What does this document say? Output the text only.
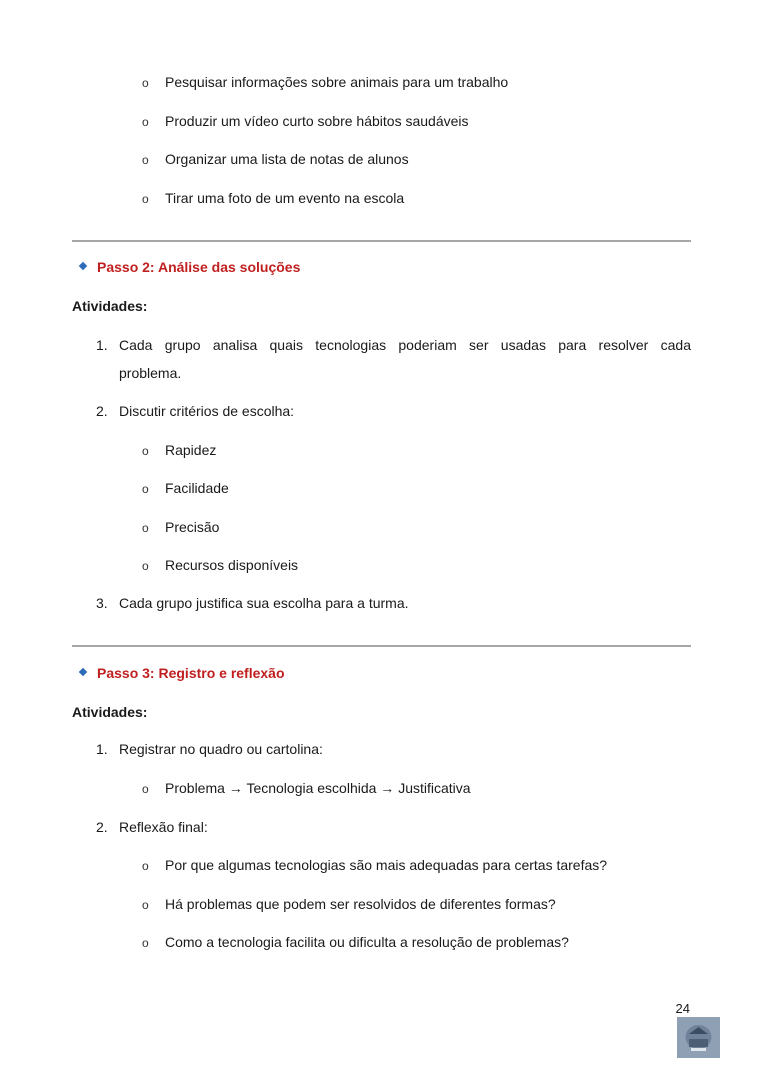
o Pesquisar informações sobre animais para um trabalho
o Produzir um vídeo curto sobre hábitos saudáveis
o Organizar uma lista de notas de alunos
o Tirar uma foto de um evento na escola
Passo 2: Análise das soluções
Atividades:
1. Cada grupo analisa quais tecnologias poderiam ser usadas para resolver cada
problema.
2. Discutir critérios de escolha:
o Rapidez
o Facilidade
o Precisão
o Recursos disponíveis
3. Cada grupo justifica sua escolha para a turma.
Passo 3: Registro e reflexão
Atividades:
1. Registrar no quadro ou cartolina:
o Problema → Tecnologia escolhida → Justificativa
2. Reflexão final:
o Por que algumas tecnologias são mais adequadas para certas tarefas?
o Há problemas que podem ser resolvidos de diferentes formas?
o Como a tecnologia facilita ou dificulta a resolução de problemas?
24
